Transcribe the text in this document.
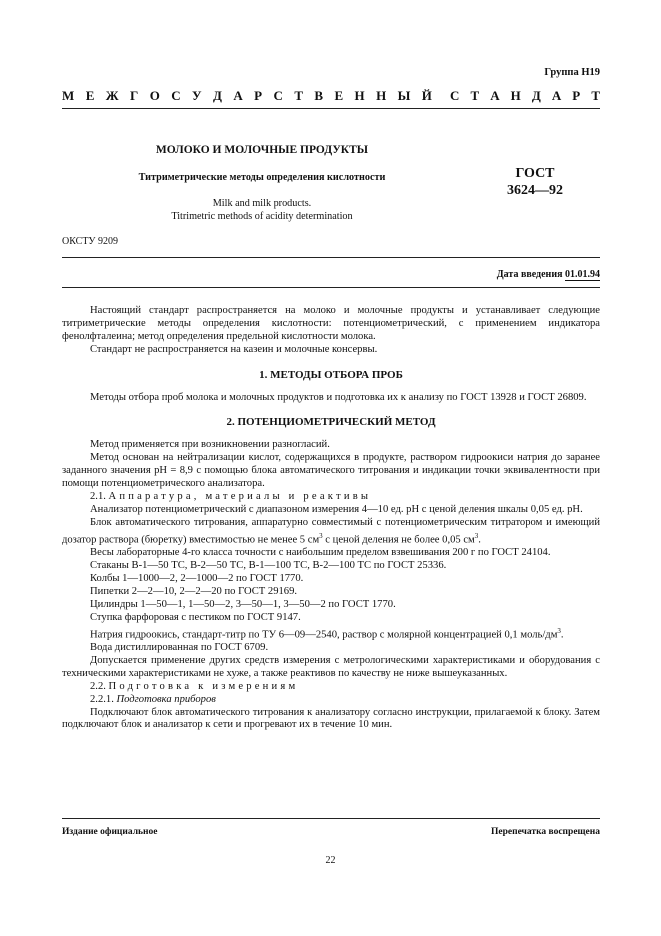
Группа Н19
М Е Ж Г О С У Д А Р С Т В Е Н Н Ы Й С Т А Н Д А Р Т
МОЛОКО И МОЛОЧНЫЕ ПРОДУКТЫ
Титриметрические методы определения кислотности	ГОСТ
3624—92
Milk and milk products.
Titrimetric methods of acidity determination
ОКСТУ 9209
Дата введения 01.01.94

Настоящий стандарт распространяется на молоко и молочные продукты и устанавливает следующие титриметрические методы определения кислотности: потенциометрический, с применением индикатора фенолфталеина; метод определения предельной кислотности молока.

Стандарт не распространяется на казеин и молочные консервы.

1. МЕТОДЫ ОТБОРА ПРОБ

Методы отбора проб молока и молочных продуктов и подготовка их к анализу по ГОСТ 13928 и ГОСТ 26809.

2. ПОТЕНЦИОМЕТРИЧЕСКИЙ МЕТОД

Метод применяется при возникновении разногласий.

Метод основан на нейтрализации кислот, содержащихся в продукте, раствором гидроокиси натрия до заранее заданного значения pH = 8,9 с помощью блока автоматического титрования и индикации точки эквивалентности при помощи потенциометрического анализатора.

2.1. Аппаратура, материалы и реактивы

Анализатор потенциометрический с диапазоном измерения 4—10 ед. pH с ценой деления шкалы 0,05 ед. pH.

Блок автоматического титрования, аппаратурно совместимый с потенциометрическим титратором и имеющий дозатор раствора (бюретку) вместимостью не менее 5 $см^3$ с ценой деления не более 0,05 $см^3$.

Весы лабораторные 4-го класса точности с наибольшим пределом взвешивания 200 г по ГОСТ 24104.

Стаканы В-1—50 ТС, В-2—50 ТС, В-1—100 ТС, В-2—100 ТС по ГОСТ 25336.

Колбы 1—1000—2, 2—1000—2 по ГОСТ 1770.

Пипетки 2—2—10, 2—2—20 по ГОСТ 29169.

Цилиндры 1—50—1, 1—50—2, 3—50—1, 3—50—2 по ГОСТ 1770.

Ступка фарфоровая с пестиком по ГОСТ 9147.

Натрия гидроокись, стандарт-титр по ТУ 6—09—2540, раствор с молярной концентрацией 0,1 моль/$дм^3$.

Вода дистиллированная по ГОСТ 6709.

Допускается применение других средств измерения с метрологическими характеристиками и оборудования с техническими характеристиками не хуже, а также реактивов по качеству не ниже вышеуказанных.

2.2. Подготовка к измерениям

2.2.1. Подготовка приборов

Подключают блок автоматического титрования к анализатору согласно инструкции, прилагаемой к блоку. Затем подключают блок и анализатор к сети и прогревают их в течение 10 мин.

Издание официальное	Перепечатка воспрещена
22
